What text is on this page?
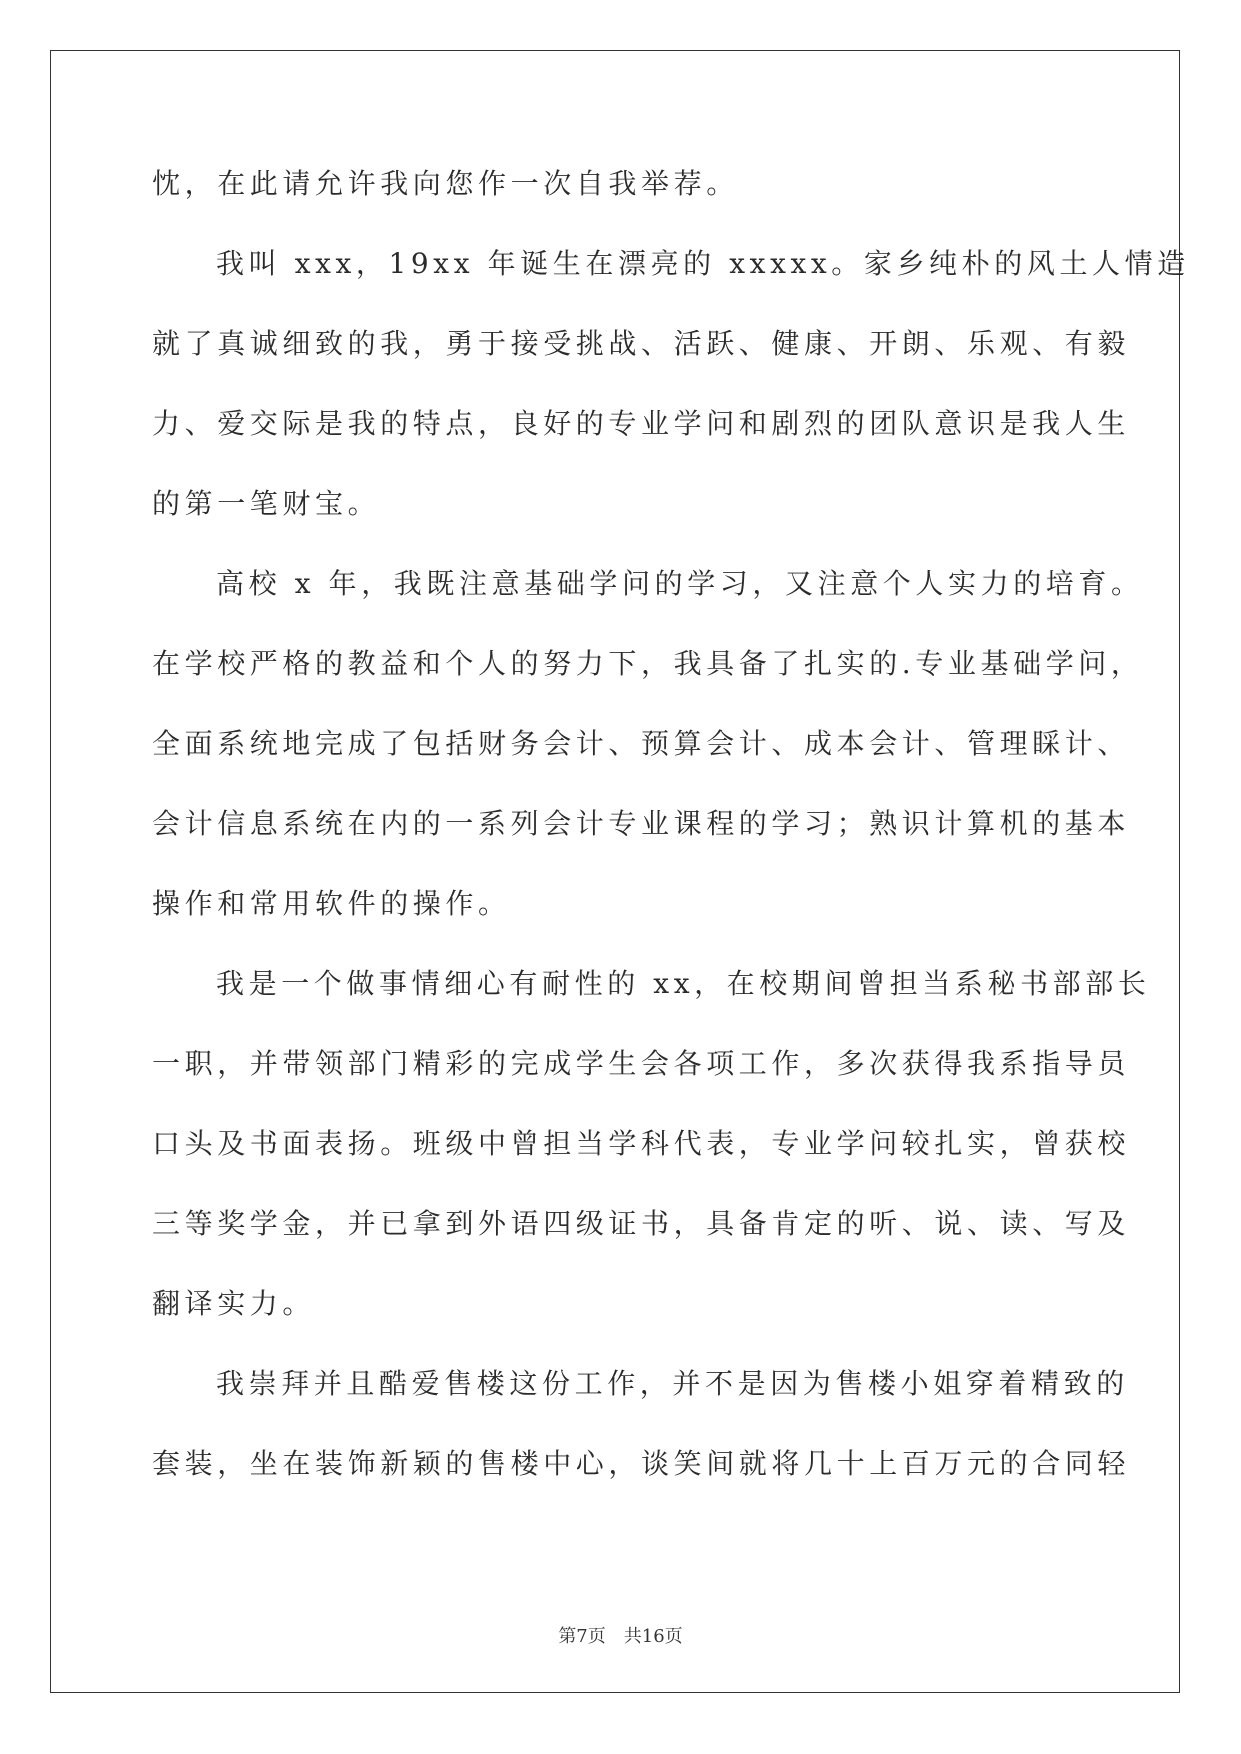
忱，在此请允许我向您作一次自我举荐。
我叫 xxx，19xx 年诞生在漂亮的 xxxxx。家乡纯朴的风土人情造
就了真诚细致的我，勇于接受挑战、活跃、健康、开朗、乐观、有毅
力、爱交际是我的特点，良好的专业学问和剧烈的团队意识是我人生
的第一笔财宝。
高校 x 年，我既注意基础学问的学习，又注意个人实力的培育。
在学校严格的教益和个人的努力下，我具备了扎实的.专业基础学问，
全面系统地完成了包括财务会计、预算会计、成本会计、管理睬计、
会计信息系统在内的一系列会计专业课程的学习；熟识计算机的基本
操作和常用软件的操作。
我是一个做事情细心有耐性的 xx，在校期间曾担当系秘书部部长
一职，并带领部门精彩的完成学生会各项工作，多次获得我系指导员
口头及书面表扬。班级中曾担当学科代表，专业学问较扎实，曾获校
三等奖学金，并已拿到外语四级证书，具备肯定的听、说、读、写及
翻译实力。
我崇拜并且酷爱售楼这份工作，并不是因为售楼小姐穿着精致的
套装，坐在装饰新颖的售楼中心，谈笑间就将几十上百万元的合同轻
第7页 共16页
